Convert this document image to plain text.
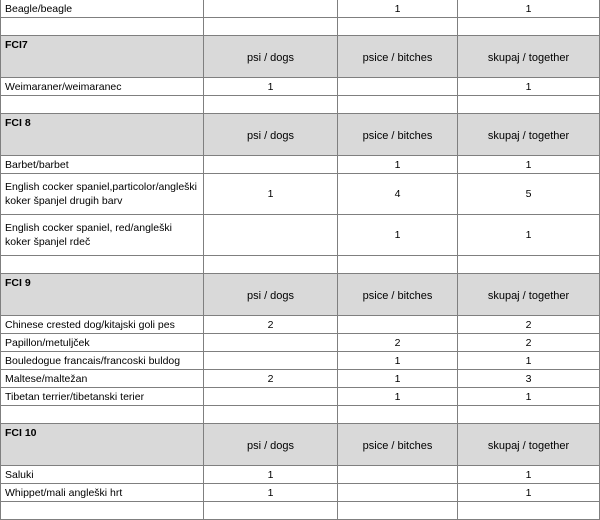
Beagle/beagle		1	1

FCI7	psi / dogs	psice / bitches	skupaj / together
Weimaraner/weimaranec	1		1

FCI 8	psi / dogs	psice / bitches	skupaj / together
Barbet/barbet		1	1
English cocker spaniel,particolor/angleški koker španjel drugih barv	1	4	5
English cocker spaniel, red/angleški koker španjel rdeč		1	1

FCI 9	psi / dogs	psice / bitches	skupaj / together
Chinese crested dog/kitajski goli pes	2		2
Papillon/metuljček		2	2
Bouledogue francais/francoski buldog		1	1
Maltese/maltežan	2	1	3
Tibetan terrier/tibetanski terier		1	1

FCI 10	psi / dogs	psice / bitches	skupaj / together
Saluki	1		1
Whippet/mali angleški hrt	1		1
